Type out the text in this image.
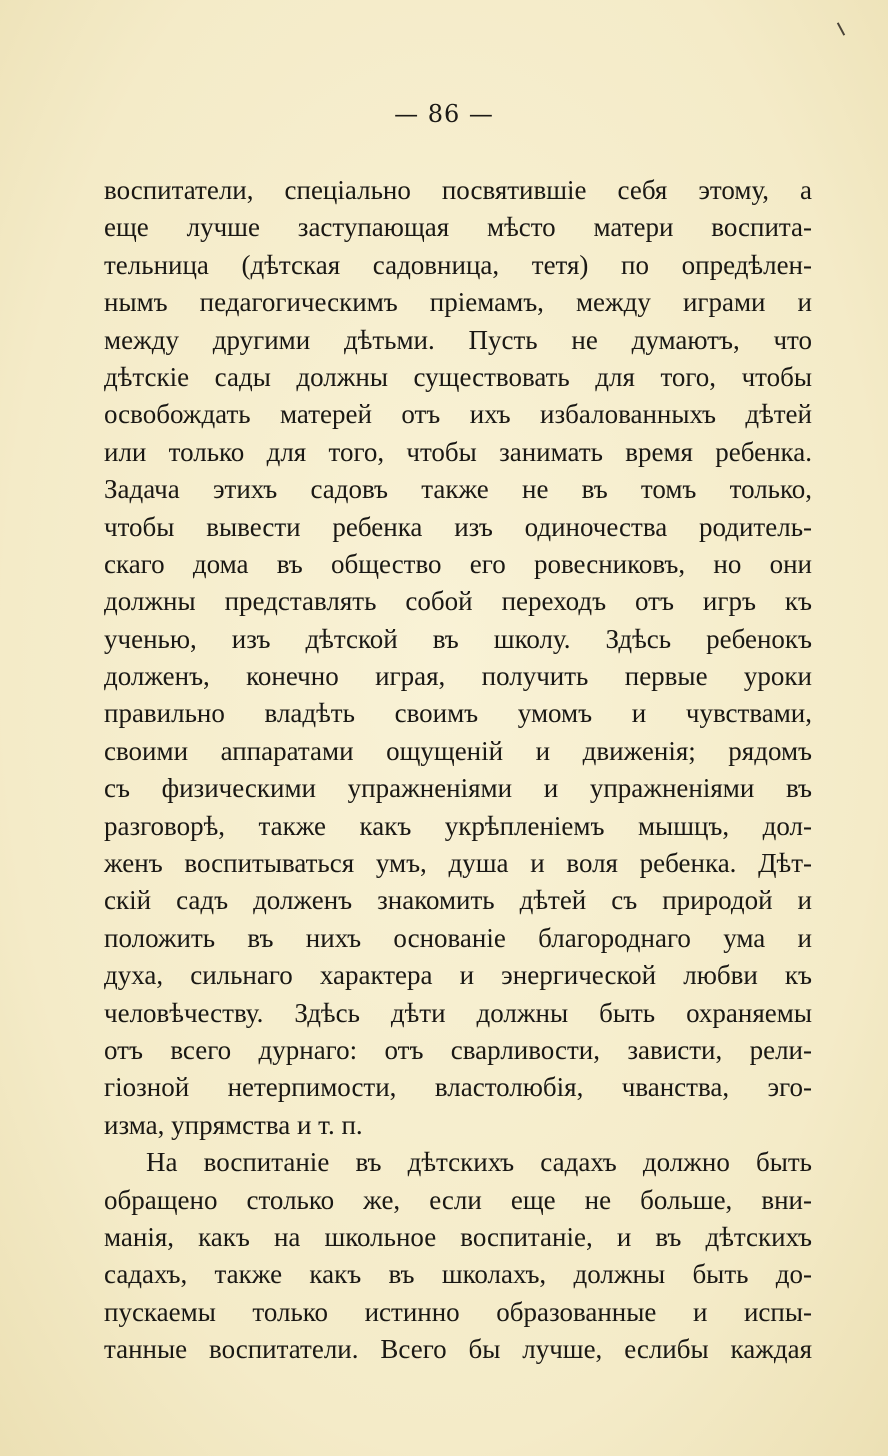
— 86 —
воспитатели, спеціально посвятившіе себя этому, а
еще лучше заступающая мѣсто матери воспита-
тельница (дѣтская садовница, тетя) по опредѣлен-
нымъ педагогическимъ пріемамъ, между играми и
между другими дѣтьми. Пусть не думаютъ, что
дѣтскіе сады должны существовать для того, чтобы
освобождать матерей отъ ихъ избалованныхъ дѣтей
или только для того, чтобы занимать время ребенка.
Задача этихъ садовъ также не въ томъ только,
чтобы вывести ребенка изъ одиночества родитель-
скаго дома въ общество его ровесниковъ, но они
должны представлять собой переходъ отъ игръ къ
ученью, изъ дѣтской въ школу. Здѣсь ребенокъ
долженъ, конечно играя, получить первые уроки
правильно владѣть своимъ умомъ и чувствами,
своими аппаратами ощущеній и движенія; рядомъ
съ физическими упражненіями и упражненіями въ
разговорѣ, также какъ укрѣпленіемъ мышцъ, дол-
женъ воспитываться умъ, душа и воля ребенка. Дѣт-
скій садъ долженъ знакомить дѣтей съ природой и
положить въ нихъ основаніе благороднаго ума и
духа, сильнаго характера и энергической любви къ
человѣчеству. Здѣсь дѣти должны быть охраняемы
отъ всего дурнаго: отъ сварливости, зависти, рели-
гіозной нетерпимости, властолюбія, чванства, эго-
изма, упрямства и т. п.
На воспитаніе въ дѣтскихъ садахъ должно быть
обращено столько же, если еще не больше, вни-
манія, какъ на школьное воспитаніе, и въ дѣтскихъ
садахъ, также какъ въ школахъ, должны быть до-
пускаемы только истинно образованные и испы-
танные воспитатели. Всего бы лучше, еслибы каждая
